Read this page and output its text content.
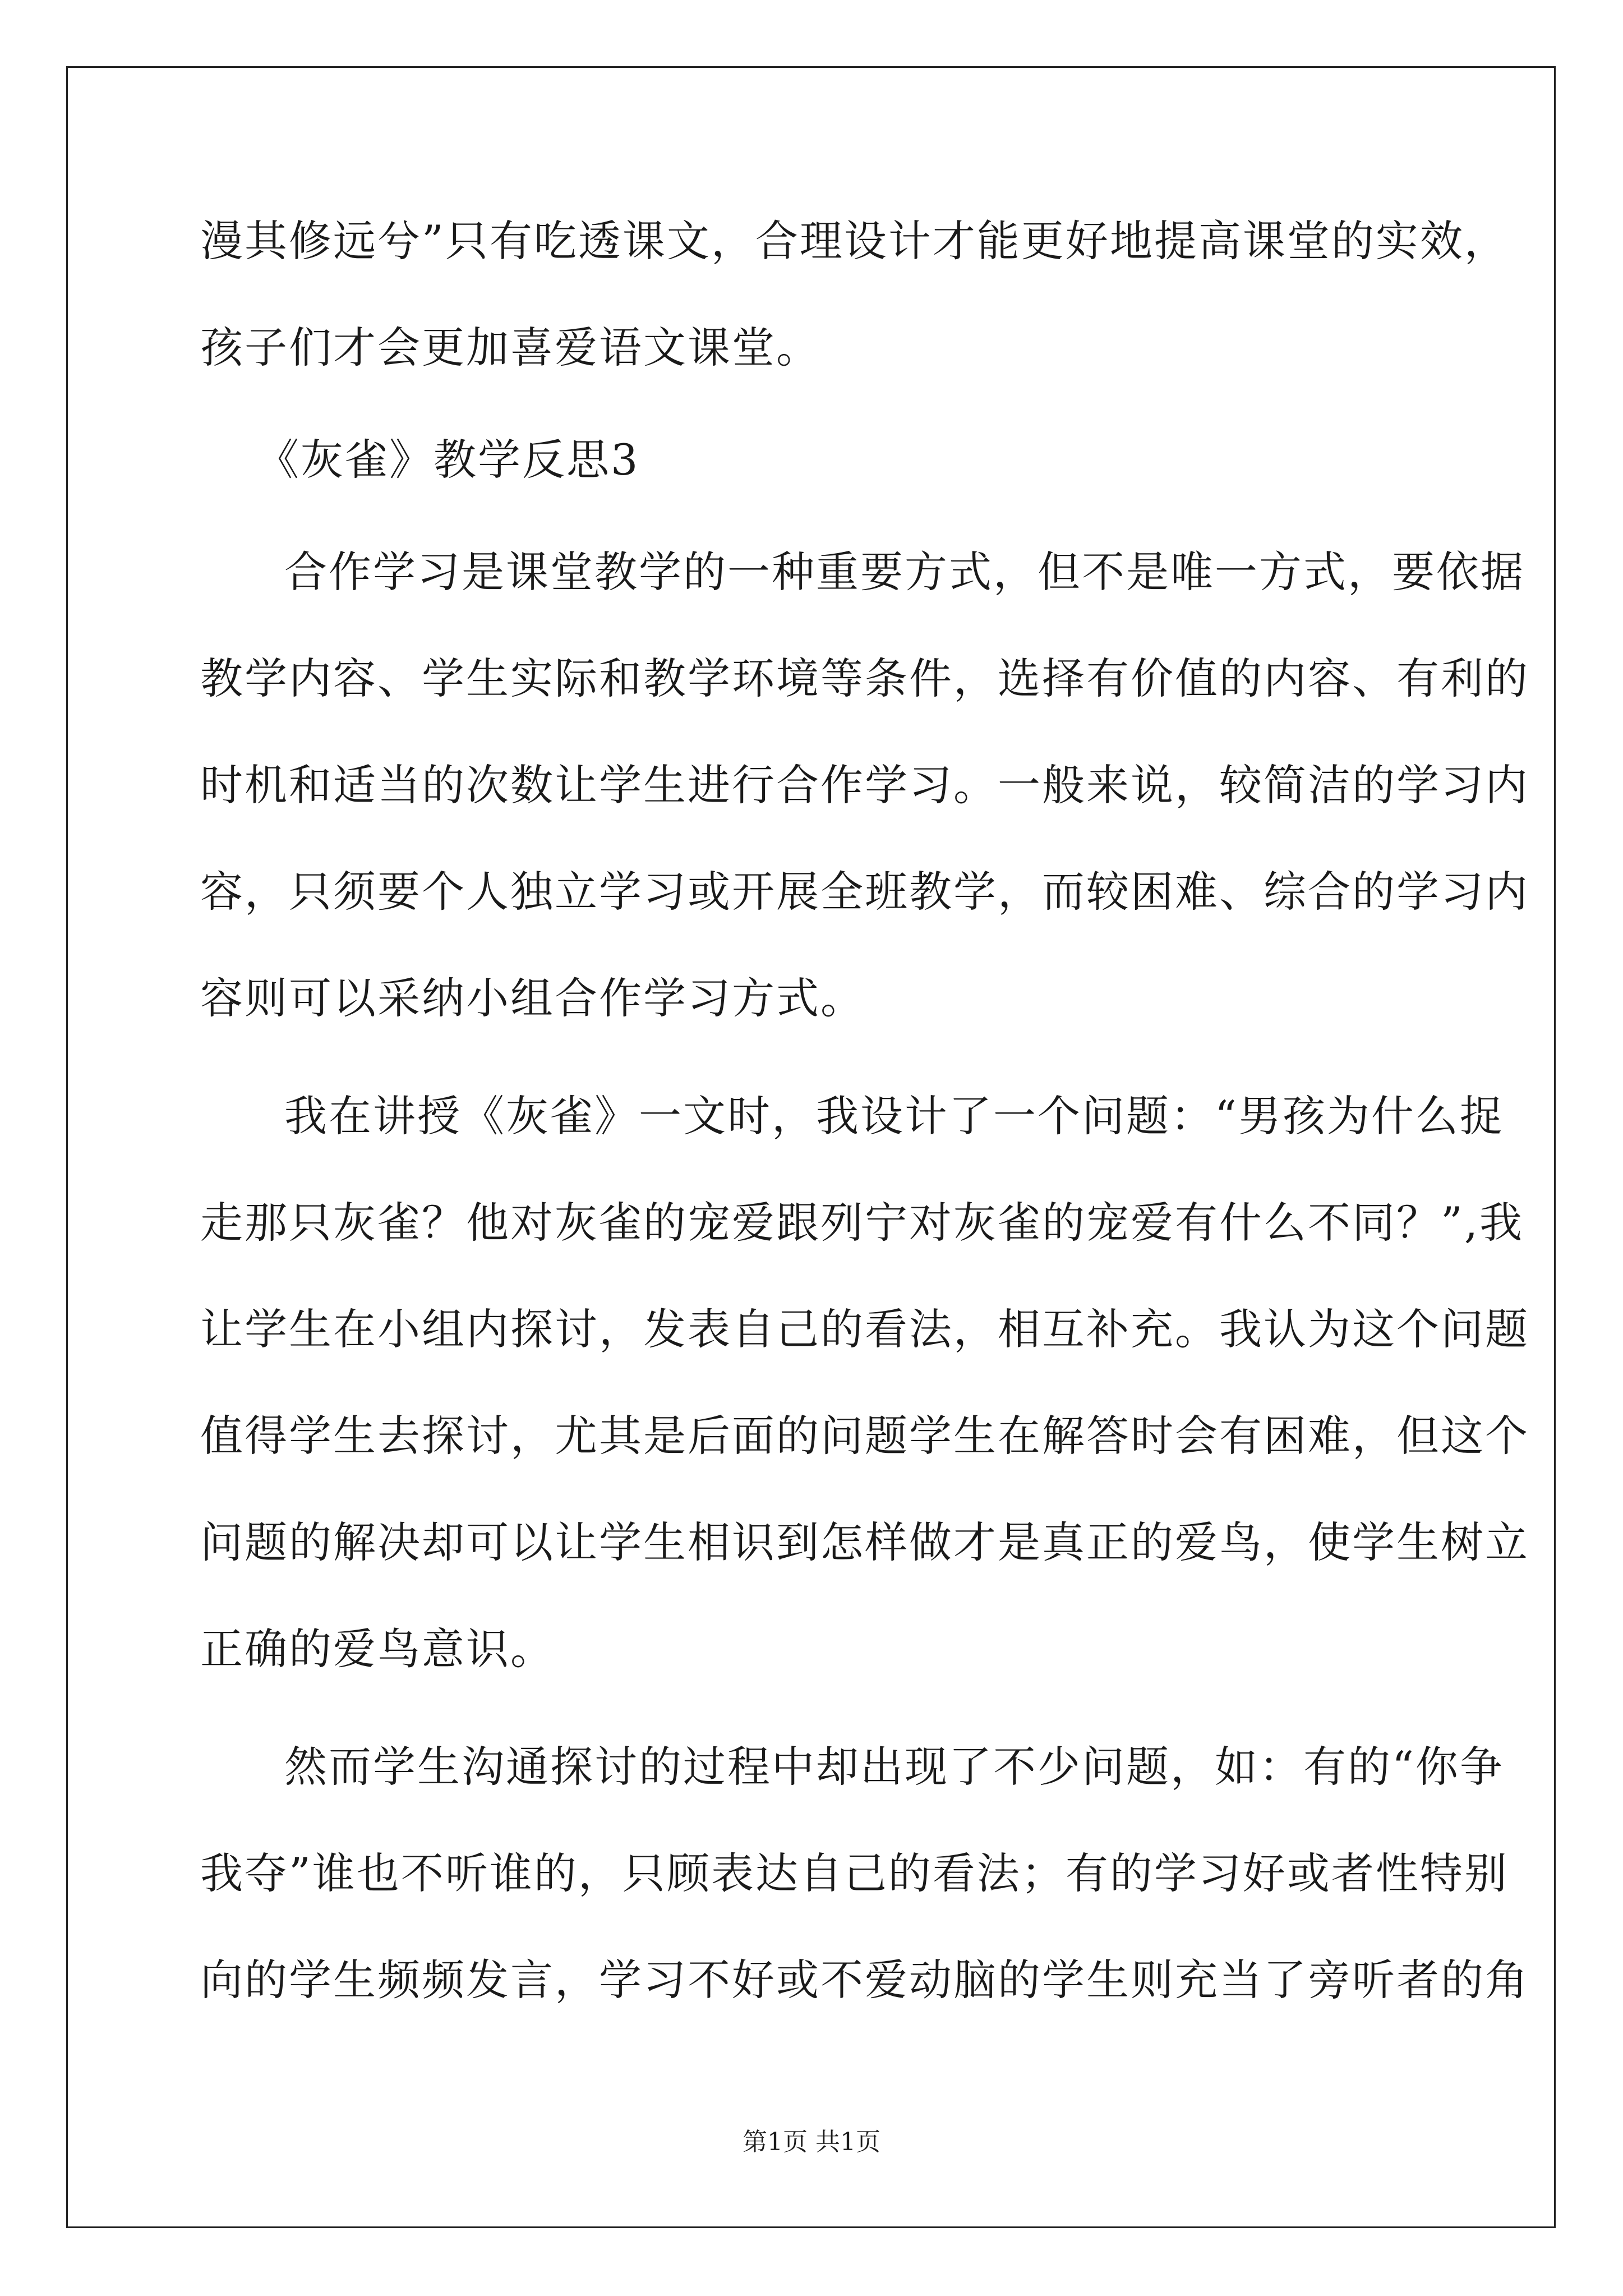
漫其修远兮”只有吃透课文，合理设计才能更好地提高课堂的实效，
孩子们才会更加喜爱语文课堂。
《灰雀》教学反思3
合作学习是课堂教学的一种重要方式，但不是唯一方式，要依据
教学内容、学生实际和教学环境等条件，选择有价值的内容、有利的
时机和适当的次数让学生进行合作学习。一般来说，较简洁的学习内
容，只须要个人独立学习或开展全班教学，而较困难、综合的学习内
容则可以采纳小组合作学习方式。
我在讲授《灰雀》一文时，我设计了一个问题：“男孩为什么捉
走那只灰雀？他对灰雀的宠爱跟列宁对灰雀的宠爱有什么不同？”,我
让学生在小组内探讨，发表自己的看法，相互补充。我认为这个问题
值得学生去探讨，尤其是后面的问题学生在解答时会有困难，但这个
问题的解决却可以让学生相识到怎样做才是真正的爱鸟，使学生树立
正确的爱鸟意识。
然而学生沟通探讨的过程中却出现了不少问题，如：有的“你争
我夺”谁也不听谁的，只顾表达自己的看法；有的学习好或者性特别
向的学生频频发言，学习不好或不爱动脑的学生则充当了旁听者的角
第1页 共1页
